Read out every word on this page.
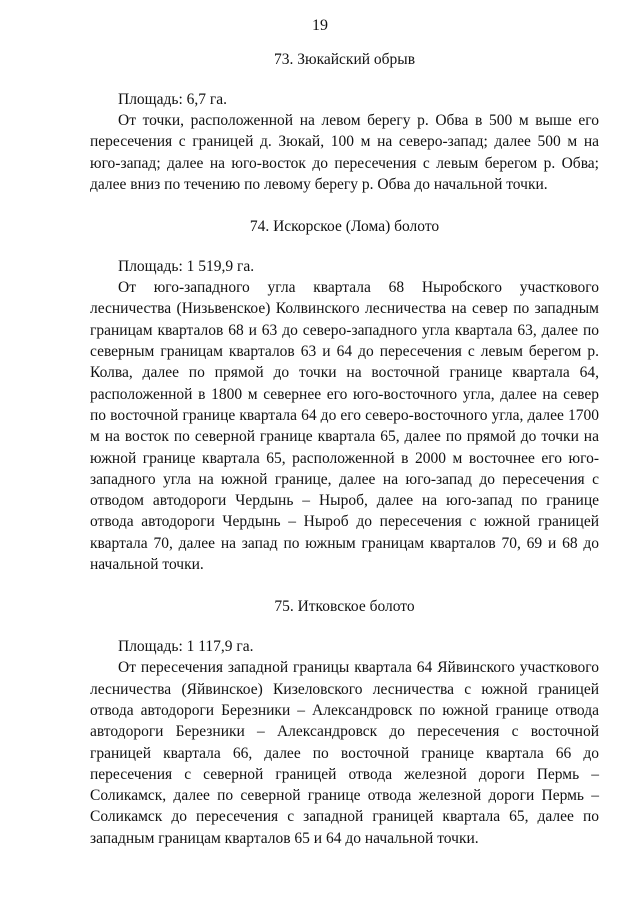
19

73. Зюкайский обрыв

Площадь: 6,7 га.

От точки, расположенной на левом берегу р. Обва в 500 м выше его пересечения с границей д. Зюкай, 100 м на северо-запад; далее 500 м на юго-запад; далее на юго-восток до пересечения с левым берегом р. Обва; далее вниз по течению по левому берегу р. Обва до начальной точки.

74. Искорское (Лома) болото

Площадь: 1 519,9 га.

От юго-западного угла квартала 68 Ныробского участкового лесничества (Низьвенское) Колвинского лесничества на север по западным границам кварталов 68 и 63 до северо-западного угла квартала 63, далее по северным границам кварталов 63 и 64 до пересечения с левым берегом р. Колва, далее по прямой до точки на восточной границе квартала 64, расположенной в 1800 м севернее его юго-восточного угла, далее на север по восточной границе квартала 64 до его северо-восточного угла, далее 1700 м на восток по северной границе квартала 65, далее по прямой до точки на южной границе квартала 65, расположенной в 2000 м восточнее его юго-западного угла на южной границе, далее на юго-запад до пересечения с отводом автодороги Чердынь – Ныроб, далее на юго-запад по границе отвода автодороги Чердынь – Ныроб до пересечения с южной границей квартала 70, далее на запад по южным границам кварталов 70, 69 и 68 до начальной точки.

75. Итковское болото

Площадь: 1 117,9 га.

От пересечения западной границы квартала 64 Яйвинского участкового лесничества (Яйвинское) Кизеловского лесничества с южной границей отвода автодороги Березники – Александровск по южной границе отвода автодороги Березники – Александровск до пересечения с восточной границей квартала 66, далее по восточной границе квартала 66 до пересечения с северной границей отвода железной дороги Пермь – Соликамск, далее по северной границе отвода железной дороги Пермь – Соликамск до пересечения с западной границей квартала 65, далее по западным границам кварталов 65 и 64 до начальной точки.
